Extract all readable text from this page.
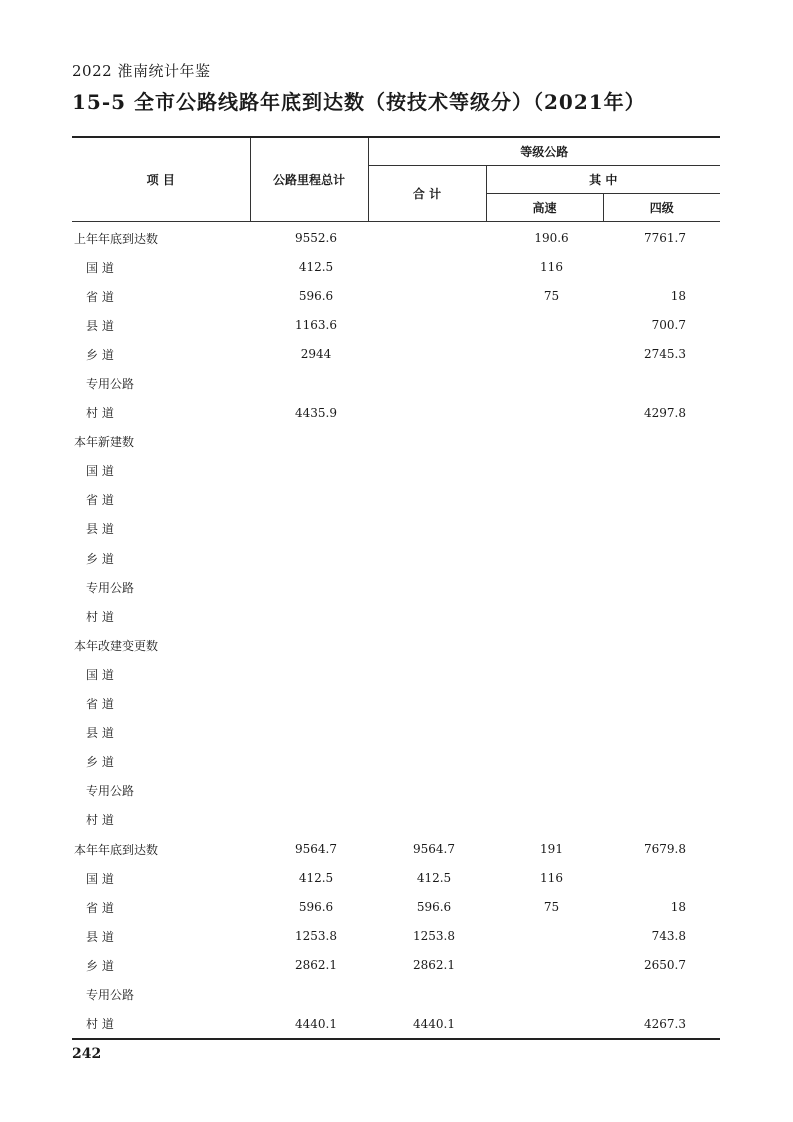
2022 淮南统计年鉴
15-5 全市公路线路年底到达数（按技术等级分）（2021年）
项 目	公路里程总计	等级公路		
		合 计	其 中	
			高速	四级
上年年底到达数	9552.6		190.6	7761.7
国 道	412.5		116	
省 道	596.6		75	18
县 道	1163.6			700.7
乡 道	2944			2745.3
专用公路				
村 道	4435.9			4297.8
本年新建数				
国 道				
省 道				
县 道				
乡 道				
专用公路				
村 道				
本年改建变更数				
国 道				
省 道				
县 道				
乡 道				
专用公路				
村 道				
本年年底到达数	9564.7	9564.7	191	7679.8
国 道	412.5	412.5	116	
省 道	596.6	596.6	75	18
县 道	1253.8	1253.8		743.8
乡 道	2862.1	2862.1		2650.7
专用公路				
村 道	4440.1	4440.1		4267.3
242
